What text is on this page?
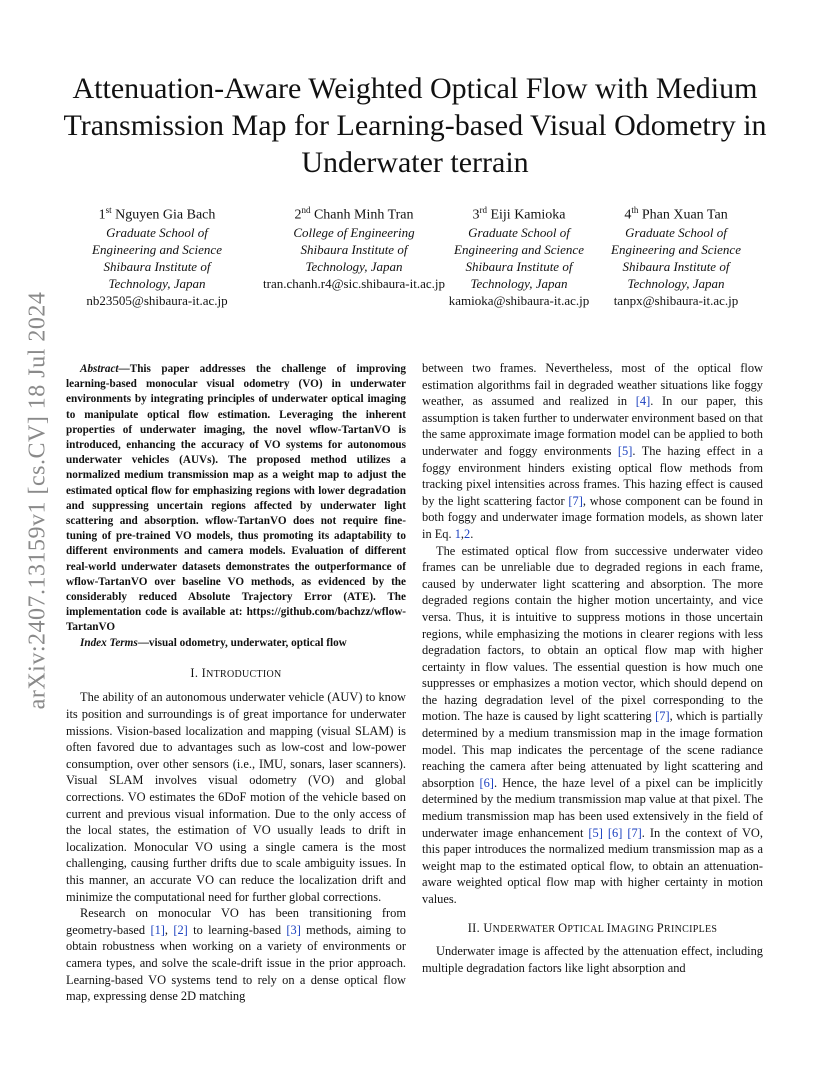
arXiv:2407.13159v1 [cs.CV] 18 Jul 2024
Attenuation-Aware Weighted Optical Flow with Medium Transmission Map for Learning-based Visual Odometry in Underwater terrain
1st Nguyen Gia Bach
Graduate School of
Engineering and Science
Shibaura Institute of
Technology, Japan
nb23505@shibaura-it.ac.jp
2nd Chanh Minh Tran
College of Engineering
Shibaura Institute of
Technology, Japan
tran.chanh.r4@sic.shibaura-it.ac.jp
3rd Eiji Kamioka
Graduate School of
Engineering and Science
Shibaura Institute of
Technology, Japan
kamioka@shibaura-it.ac.jp
4th Phan Xuan Tan
Graduate School of
Engineering and Science
Shibaura Institute of
Technology, Japan
tanpx@shibaura-it.ac.jp

Abstract—This paper addresses the challenge of improving learning-based monocular visual odometry (VO) in underwater environments by integrating principles of underwater optical imaging to manipulate optical flow estimation. Leveraging the inherent properties of underwater imaging, the novel wflow-TartanVO is introduced, enhancing the accuracy of VO systems for autonomous underwater vehicles (AUVs). The proposed method utilizes a normalized medium transmission map as a weight map to adjust the estimated optical flow for emphasizing regions with lower degradation and suppressing uncertain regions affected by underwater light scattering and absorption. wflow-TartanVO does not require fine-tuning of pre-trained VO models, thus promoting its adaptability to different environments and camera models. Evaluation of different real-world underwater datasets demonstrates the outperformance of wflow-TartanVO over baseline VO methods, as evidenced by the considerably reduced Absolute Trajectory Error (ATE). The implementation code is available at: https://github.com/bachzz/wflow-TartanVO

Index Terms—visual odometry, underwater, optical flow

I. INTRODUCTION

The ability of an autonomous underwater vehicle (AUV) to know its position and surroundings is of great importance for underwater missions. Vision-based localization and mapping (visual SLAM) is often favored due to advantages such as low-cost and low-power consumption, over other sensors (i.e., IMU, sonars, laser scanners). Visual SLAM involves visual odometry (VO) and global corrections. VO estimates the 6DoF motion of the vehicle based on current and previous visual information. Due to the only access of the local states, the estimation of VO usually leads to drift in localization. Monocular VO using a single camera is the most challenging, causing further drifts due to scale ambiguity issues. In this manner, an accurate VO can reduce the localization drift and minimize the computational need for further global corrections.

Research on monocular VO has been transitioning from geometry-based [1], [2] to learning-based [3] methods, aiming to obtain robustness when working on a variety of environments or camera types, and solve the scale-drift issue in the prior approach. Learning-based VO systems tend to rely on a dense optical flow map, expressing dense 2D matching

between two frames. Nevertheless, most of the optical flow estimation algorithms fail in degraded weather situations like foggy weather, as assumed and realized in [4]. In our paper, this assumption is taken further to underwater environment based on that the same approximate image formation model can be applied to both underwater and foggy environments [5]. The hazing effect in a foggy environment hinders existing optical flow methods from tracking pixel intensities across frames. This hazing effect is caused by the light scattering factor [7], whose component can be found in both foggy and underwater image formation models, as shown later in Eq. 1,2.

The estimated optical flow from successive underwater video frames can be unreliable due to degraded regions in each frame, caused by underwater light scattering and absorption. The more degraded regions contain the higher motion uncertainty, and vice versa. Thus, it is intuitive to suppress motions in those uncertain regions, while emphasizing the motions in clearer regions with less degradation factors, to obtain an optical flow map with higher certainty in flow values. The essential question is how much one suppresses or emphasizes a motion vector, which should depend on the hazing degradation level of the pixel corresponding to the motion. The haze is caused by light scattering [7], which is partially determined by a medium transmission map in the image formation model. This map indicates the percentage of the scene radiance reaching the camera after being attenuated by light scattering and absorption [6]. Hence, the haze level of a pixel can be implicitly determined by the medium transmission map value at that pixel. The medium transmission map has been used extensively in the field of underwater image enhancement [5] [6] [7]. In the context of VO, this paper introduces the normalized medium transmission map as a weight map to the estimated optical flow, to obtain an attenuation-aware weighted optical flow map with higher certainty in motion values.

II. UNDERWATER OPTICAL IMAGING PRINCIPLES

Underwater image is affected by the attenuation effect, including multiple degradation factors like light absorption and
